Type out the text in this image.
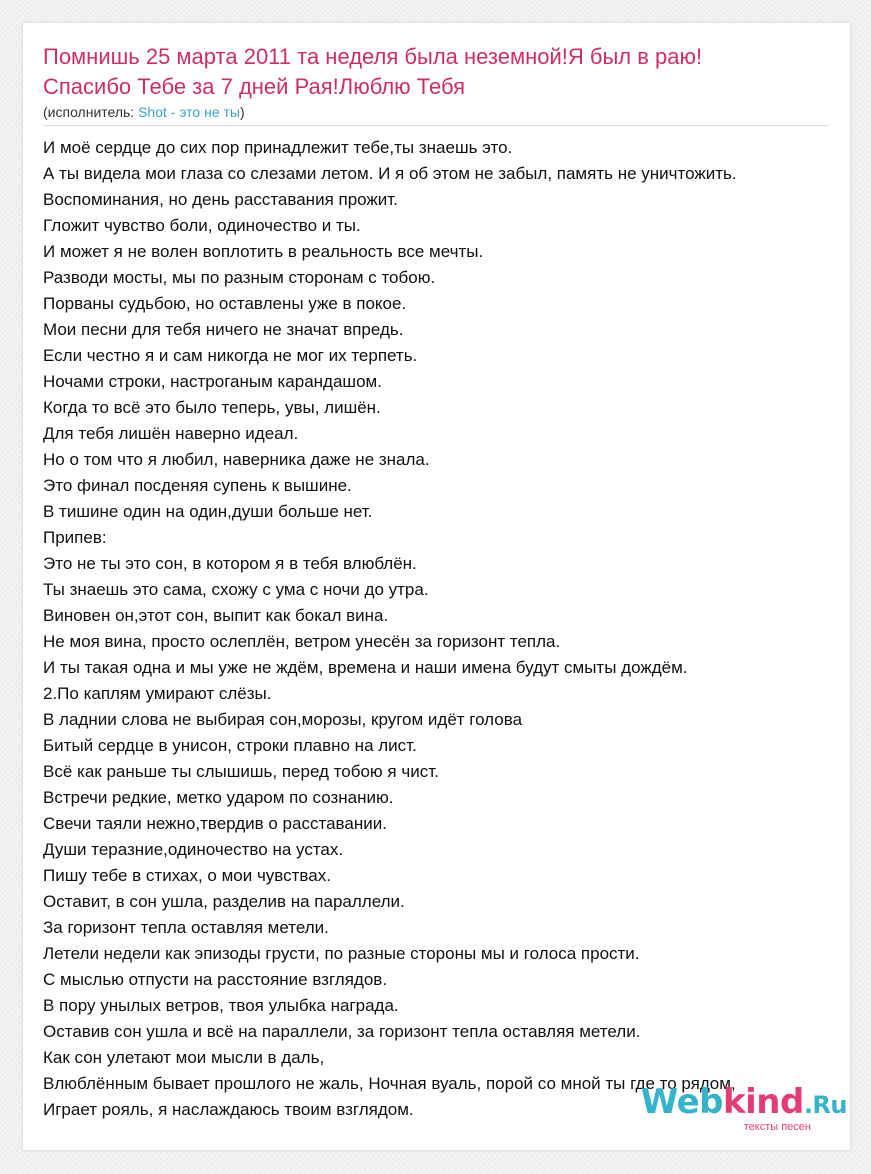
Помнишь 25 марта 2011 та неделя была неземной!Я был в раю!Спасибо Тебе за 7 дней Рая!Люблю Тебя
(исполнитель: Shot - это не ты)
И моё сердце до сих пор принадлежит тебе,ты знаешь это.
А ты видела мои глаза со слезами летом. И я об этом не забыл, память не уничтожить.
Воспоминания, но день расставания прожит.
Гложит чувство боли, одиночество и ты.
И может я не волен воплотить в реальность все мечты.
Разводи мосты, мы по разным сторонам с тобою.
Порваны судьбою, но оставлены уже в покое.
Мои песни для тебя ничего не значат впредь.
Если честно я и сам никогда не мог их терпеть.
Ночами строки, настроганым карандашом.
Когда то всё это было теперь, увы, лишён.
Для тебя лишён наверно идеал.
Но о том что я любил, наверника даже не знала.
Это финал посденяя супень к вышине.
В тишине один на один,души больше нет.
Припев:
Это не ты это сон, в котором я в тебя влюблён.
Ты знаешь это сама, схожу с ума с ночи до утра.
Виновен он,этот сон, выпит как бокал вина.
Не моя вина, просто ослеплён, ветром унесён за горизонт тепла.
И ты такая одна и мы уже не ждём, времена и наши имена будут смыты дождём.
2.По каплям умирают слёзы.
В ладнии слова не выбирая сон,морозы, кругом идёт голова
Битый сердце в унисон, строки плавно на лист.
Всё как раньше ты слышишь, перед тобою я чист.
Встречи редкие, метко ударом по сознанию.
Свечи таяли нежно,твердив о расставании.
Души теразние,одиночество на устах.
Пишу тебе в стихах, о мои чувствах.
Оставит, в сон ушла, разделив на параллели.
За горизонт тепла оставляя метели.
Летели недели как эпизоды грусти, по разные стороны мы и голоса прости.
С мыслью отпусти на расстояние взглядов.
В пору унылых ветров, твоя улыбка награда.
Оставив сон ушла и всё на параллели, за горизонт тепла оставляя метели.
Как сон улетают мои мысли в даль,
Влюблённым бывает прошлого не жаль, Ночная вуаль, порой со мной ты где то рядом,
Играет рояль, я наслаждаюсь твоим взглядом.	Webkind.Ru
тексты песен
